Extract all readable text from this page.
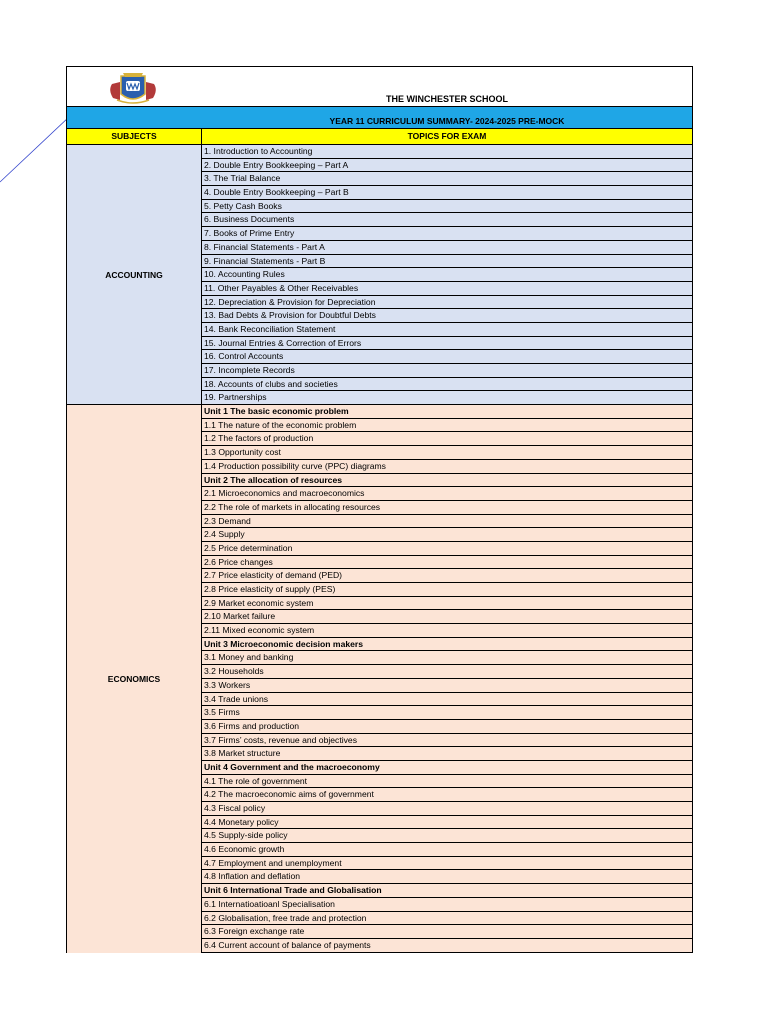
THE WINCHESTER SCHOOL
YEAR 11 CURRICULUM SUMMARY- 2024-2025 PRE-MOCK
SUBJECTS	TOPICS FOR EXAM
ACCOUNTING
1. Introduction to Accounting
2. Double Entry Bookkeeping – Part A
3. The Trial Balance
4. Double Entry Bookkeeping – Part B
5. Petty Cash Books
6. Business Documents
7. Books of Prime Entry
8. Financial Statements - Part A
9. Financial Statements - Part B
10. Accounting Rules
11. Other Payables & Other Receivables
12. Depreciation & Provision for Depreciation
13. Bad Debts & Provision for Doubtful Debts
14. Bank Reconciliation Statement
15. Journal Entries & Correction of Errors
16. Control Accounts
17. Incomplete Records
18. Accounts of clubs and societies
19. Partnerships
ECONOMICS
Unit 1 The basic economic problem
1.1 The nature of the economic problem
1.2 The factors of production
1.3 Opportunity cost
1.4 Production possibility curve (PPC) diagrams
Unit 2 The allocation of resources
2.1 Microeconomics and macroeconomics
2.2 The role of markets in allocating resources
2.3 Demand
2.4 Supply
2.5 Price determination
2.6 Price changes
2.7 Price elasticity of demand (PED)
2.8 Price elasticity of supply (PES)
2.9 Market economic system
2.10 Market failure
2.11 Mixed economic system
Unit 3 Microeconomic decision makers
3.1 Money and banking
3.2 Households
3.3 Workers
3.4 Trade unions
3.5 Firms
3.6 Firms and production
3.7 Firms’ costs, revenue and objectives
3.8 Market structure
Unit 4 Government and the macroeconomy
4.1 The role of government
4.2 The macroeconomic aims of government
4.3 Fiscal policy
4.4 Monetary policy
4.5 Supply-side policy
4.6 Economic growth
4.7 Employment and unemployment
4.8 Inflation and deflation
Unit 6 International Trade and Globalisation
6.1 Internatioatioanl Specialisation
6.2 Globalisation, free trade and protection
6.3 Foreign exchange rate
6.4 Current account of balance of payments
